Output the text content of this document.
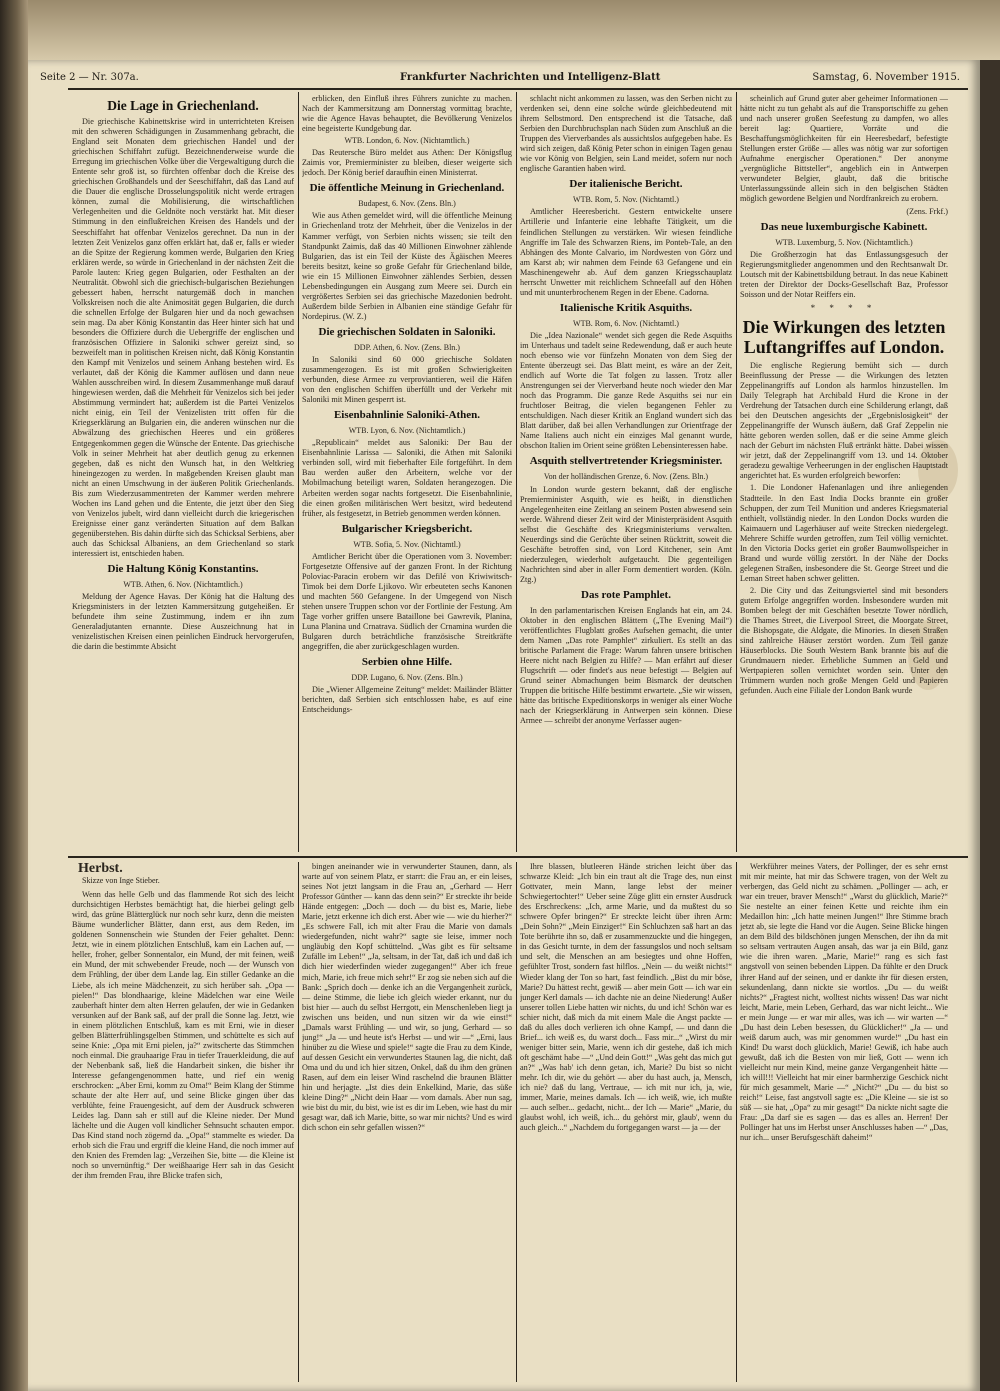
Seite 2 — Nr. 307a.	Frankfurter Nachrichten und Intelligenz-Blatt	Samstag, 6. November 1915.
Die Lage in Griechenland.

Die griechische Kabinettskrise wird in unterrichteten Kreisen mit den schweren Schädigungen in Zusammenhang gebracht, die England seit Monaten dem griechischen Handel und der griechischen Schiffahrt zufügt. Bezeichnenderweise wurde die Erregung im griechischen Volke über die Vergewaltigung durch die Entente sehr groß ist, so fürchten offenbar doch die Kreise des griechischen Großhandels und der Seeschiffahrt, daß das Land auf die Dauer die englische Drosselungspolitik nicht werde ertragen können, zumal die Mobilisierung, die wirtschaftlichen Verlegenheiten und die Geldnöte noch verstärkt hat. Mit dieser Stimmung in den einflußreichen Kreisen des Handels und der Seeschiffahrt hat offenbar Venizelos gerechnet. Da nun in der letzten Zeit Venizelos ganz offen erklärt hat, daß er, falls er wieder an die Spitze der Regierung kommen werde, Bulgarien den Krieg erklären werde, so würde in Griechenland in der nächsten Zeit die Parole lauten: Krieg gegen Bulgarien, oder Festhalten an der Neutralität. Obwohl sich die griechisch-bulgarischen Beziehungen gebessert haben, herrscht naturgemäß doch in manchen Volkskreisen noch die alte Animosität gegen Bulgarien, die durch die schnellen Erfolge der Bulgaren hier und da noch gewachsen sein mag. Da aber König Konstantin das Heer hinter sich hat und besonders die Offiziere durch die Uebergriffe der englischen und französischen Offiziere in Saloniki schwer gereizt sind, so bezweifelt man in politischen Kreisen nicht, daß König Konstantin den Kampf mit Venizelos und seinem Anhang bestehen wird. Es verlautet, daß der König die Kammer auflösen und dann neue Wahlen ausschreiben wird. In diesem Zusammenhange muß darauf hingewiesen werden, daß die Mehrheit für Venizelos sich bei jeder Abstimmung vermindert hat; außerdem ist die Partei Venizelos nicht einig, ein Teil der Venizelisten tritt offen für die Kriegserklärung an Bulgarien ein, die anderen wünschen nur die Abwälzung des griechischen Heeres und ein größeres Entgegenkommen gegen die Wünsche der Entente. Das griechische Volk in seiner Mehrheit hat aber deutlich genug zu erkennen gegeben, daß es nicht den Wunsch hat, in den Weltkrieg hineingezogen zu werden. In maßgebenden Kreisen glaubt man nicht an einen Umschwung in der äußeren Politik Griechenlands. Bis zum Wiederzusammentreten der Kammer werden mehrere Wochen ins Land gehen und die Entente, die jetzt über den Sieg von Venizelos jubelt, wird dann vielleicht durch die kriegerischen Ereignisse einer ganz veränderten Situation auf dem Balkan gegenüberstehen. Bis dahin dürfte sich das Schicksal Serbiens, aber auch das Schicksal Albaniens, an dem Griechenland so stark interessiert ist, entschieden haben.

Die Haltung König Konstantins.

WTB. Athen, 6. Nov. (Nichtamtlich.)

Meldung der Agence Havas. Der König hat die Haltung des Kriegsministers in der letzten Kammersitzung gutgeheißen. Er befundete ihm seine Zustimmung, indem er ihn zum Generaladjutanten ernannte. Diese Auszeichnung hat in venizelistischen Kreisen einen peinlichen Eindruck hervorgerufen, die darin die bestimmte Absicht

erblicken, den Einfluß ihres Führers zunichte zu machen. Nach der Kammersitzung am Donnerstag vormittag brachte, wie die Agence Havas behauptet, die Bevölkerung Venizelos eine begeisterte Kundgebung dar.

WTB. London, 6. Nov. (Nichtamtlich.)

Das Reutersche Büro meldet aus Athen: Der Königsflug Zaimis vor, Premierminister zu bleiben, dieser weigerte sich jedoch. Der König berief daraufhin einen Ministerrat.

Die öffentliche Meinung in Griechenland.

Budapest, 6. Nov. (Zens. Bln.)

Wie aus Athen gemeldet wird, will die öffentliche Meinung in Griechenland trotz der Mehrheit, über die Venizelos in der Kammer verfügt, von Serbien nichts wissen; sie teilt den Standpunkt Zaimis, daß das 40 Millionen Einwohner zählende Bulgarien, das ist ein Teil der Küste des Ägäischen Meeres bereits besitzt, keine so große Gefahr für Griechenland bilde, wie ein 15 Millionen Einwohner zählendes Serbien, dessen Lebensbedingungen ein Ausgang zum Meere sei. Durch ein vergrößertes Serbien sei das griechische Mazedonien bedroht. Außerdem bilde Serbien in Albanien eine ständige Gefahr für Nordepirus. (W. Z.)

Die griechischen Soldaten in Saloniki.

DDP. Athen, 6. Nov. (Zens. Bln.)

In Saloniki sind 60 000 griechische Soldaten zusammengezogen. Es ist mit großen Schwierigkeiten verbunden, diese Armee zu verproviantieren, weil die Häfen von den englischen Schiffen überfüllt und der Verkehr mit Saloniki mit Minen gesperrt ist.

Eisenbahnlinie Saloniki-Athen.

WTB. Lyon, 6. Nov. (Nichtamtlich.)

„Republicain“ meldet aus Saloniki: Der Bau der Eisenbahnlinie Larissa — Saloniki, die Athen mit Saloniki verbinden soll, wird mit fieberhafter Eile fortgeführt. In dem Bau werden außer den Arbeitern, welche vor der Mobilmachung beteiligt waren, Soldaten herangezogen. Die Arbeiten werden sogar nachts fortgesetzt. Die Eisenbahnlinie, die einen großen militärischen Wert besitzt, wird bedeutend früher, als festgesetzt, in Betrieb genommen werden können.

Bulgarischer Kriegsbericht.

WTB. Sofia, 5. Nov. (Nichtamtl.)

Amtlicher Bericht über die Operationen vom 3. November: Fortgesetzte Offensive auf der ganzen Front. In der Richtung Poloviac-Paracin erobern wir das Defilé von Kriwiwitsch-Timok bei dem Dorfe Ljikovo. Wir erbeuteten sechs Kanonen und machten 560 Gefangene. In der Umgegend von Nisch stehen unsere Truppen schon vor der Fortlinie der Festung. Am Tage vorher griffen unsere Bataillone bei Gawrevik, Planina, Luna Planina und Crnatrava. Südlich der Crnamina wurden die Bulgaren durch beträchtliche französische Streitkräfte angegriffen, die aber zurückgeschlagen wurden.

Serbien ohne Hilfe.

DDP. Lugano, 6. Nov. (Zens. Bln.)

Die „Wiener Allgemeine Zeitung“ meldet: Mailänder Blätter berichten, daß Serbien sich entschlossen habe, es auf eine Entscheidungs-

schlacht nicht ankommen zu lassen, was den Serben nicht zu verdenken sei, denn eine solche würde gleichbedeutend mit ihrem Selbstmord. Den entsprechend ist die Tatsache, daß Serbien den Durchbruchsplan nach Süden zum Anschluß an die Truppen des Vierverbandes als aussichtslos aufgegeben habe. Es wird sich zeigen, daß König Peter schon in einigen Tagen genau wie vor König von Belgien, sein Land meidet, sofern nur noch englische Garantien haben wird.

Der italienische Bericht.

WTB. Rom, 5. Nov. (Nichtamtl.)

Amtlicher Heeresbericht. Gestern entwickelte unsere Artillerie und Infanterie eine lebhafte Tätigkeit, um die feindlichen Stellungen zu verstärken. Wir wiesen feindliche Angriffe im Tale des Schwarzen Riens, im Ponteb‑Tale, an den Abhängen des Monte Calvario, im Nordwesten von Görz und am Karst ab; wir nahmen dem Feinde 63 Gefangene und ein Maschinengewehr ab. Auf dem ganzen Kriegsschauplatz herrscht Unwetter mit reichlichem Schneefall auf den Höhen und mit ununterbrochenem Regen in der Ebene. Cadorna.

Italienische Kritik Asquiths.

WTB. Rom, 6. Nov. (Nichtamtl.)

Die „Idea Nazionale“ wendet sich gegen die Rede Asquiths im Unterhaus und tadelt seine Redewendung, daß er auch heute noch ebenso wie vor fünfzehn Monaten von dem Sieg der Entente überzeugt sei. Das Blatt meint, es wäre an der Zeit, endlich auf Worte die Tat folgen zu lassen. Trotz aller Anstrengungen sei der Vierverband heute noch wieder den Mar noch das Programm. Die ganze Rede Asquiths sei nur ein fruchtloser Beitrag, die vielen begangenen Fehler zu entschuldigen. Nach dieser Kritik an England wundert sich das Blatt darüber, daß bei allen Verhandlungen zur Orientfrage der Name Italiens auch nicht ein einziges Mal genannt wurde, obschon Italien im Orient seine größten Lebensinteressen habe.

Asquith stellvertretender Kriegsminister.

Von der holländischen Grenze, 6. Nov. (Zens. Bln.)

In London wurde gestern bekannt, daß der englische Premierminister Asquith, wie es heißt, in dienstlichen Angelegenheiten eine Zeitlang an seinem Posten abwesend sein werde. Während dieser Zeit wird der Ministerpräsident Asquith selbst die Geschäfte des Kriegsministeriums verwalten. Neuerdings sind die Gerüchte über seinen Rücktritt, soweit die Geschäfte betroffen sind, von Lord Kitchener, sein Amt niederzulegen, wiederholt aufgetaucht. Die gegenteiligen Nachrichten sind aber in aller Form dementiert worden. (Köln. Ztg.)

Das rote Pamphlet.

In den parlamentarischen Kreisen Englands hat ein, am 24. Oktober in den englischen Blättern („The Evening Mail“) veröffentlichtes Flugblatt großes Aufsehen gemacht, die unter dem Namen „Das rote Pamphlet“ zirkuliert. Es stellt an das britische Parlament die Frage: Warum fahren unsere britischen Heere nicht nach Belgien zu Hilfe? — Man erfährt auf dieser Flugschrift — oder findet's aus neue befestigt — Belgien auf Grund seiner Abmachungen beim Bismarck der deutschen Truppen die britische Hilfe bestimmt erwartete. „Sie wir wissen, hätte das britische Expeditionskorps in weniger als einer Woche nach der Kriegserklärung in Antwerpen sein können. Diese Armee — schreibt der anonyme Verfasser augen-

scheinlich auf Grund guter aber geheimer Informationen — hätte nicht zu tun gehabt als auf die Transportschiffe zu gehen und nach unserer großen Seefestung zu dampfen, wo alles bereit lag: Quartiere, Vorräte und die Beschaffungsmöglichkeiten für ein Heeresbedarf, befestigte Stellungen erster Größe — alles was nötig war zur sofortigen Aufnahme energischer Operationen.“ Der anonyme „vergnügliche Bittsteller“, angeblich ein in Antwerpen verwundeter Belgier, glaubt, daß die britische Unterlassungssünde allein sich in den belgischen Städten möglich gewordene Belgien und Nordfrankreich zu erobern.

(Zens. Frkf.)

Das neue luxemburgische Kabinett.

WTB. Luxemburg, 5. Nov. (Nichtamtlich.)

Die Großherzogin hat das Entlassungsgesuch der Regierungsmitglieder angenommen und den Rechtsanwalt Dr. Loutsch mit der Kabinettsbildung betraut. In das neue Kabinett treten der Direktor der Docks-Gesellschaft Baz, Professor Soisson und der Notar Reiffers ein.

* * * *
Die Wirkungen des letzten Luftangriffes auf London.

Die englische Regierung bemüht sich — durch Beeinflussung der Presse — die Wirkungen des letzten Zeppelinangriffs auf London als harmlos hinzustellen. Im Daily Telegraph hat Archibald Hurd die Krone in der Verdrehung der Tatsachen durch eine Schilderung erlangt, daß bei den Deutschen angesichts der „Ergebnislosigkeit“ der Zeppelinangriffe der Wunsch äußern, daß Graf Zeppelin nie hätte geboren werden sollen, daß er die seine Amme gleich nach der Geburt im nächsten Fluß ertränkt hätte. Dabei wissen wir jetzt, daß der Zeppelinangriff vom 13. und 14. Oktober geradezu gewaltige Verheerungen in der englischen Hauptstadt angerichtet hat. Es wurden erfolgreich beworfen:

1. Die Londoner Hafenanlagen und ihre anliegenden Stadtteile. In den East India Docks brannte ein großer Schuppen, der zum Teil Munition und anderes Kriegsmaterial enthielt, vollständig nieder. In den London Docks wurden die Kaimauern und Lagerhäuser auf weite Strecken niedergelegt. Mehrere Schiffe wurden getroffen, zum Teil völlig vernichtet. In den Victoria Docks geriet ein großer Baumwollspeicher in Brand und wurde völlig zerstört. In der Nähe der Docks gelegenen Straßen, insbesondere die St. George Street und die Leman Street haben schwer gelitten.

2. Die City und das Zeitungsviertel sind mit besonders gutem Erfolge angegriffen worden. Insbesondere wurden mit Bomben belegt der mit Geschäften besetzte Tower nördlich, die Thames Street, die Liverpool Street, die Moorgate Street, die Bishopsgate, die Aldgate, die Minories. In diesen Straßen sind zahlreiche Häuser zerstört worden. Zum Teil ganze Häuserblocks. Die South Western Bank brannte bis auf die Grundmauern nieder. Erhebliche Summen an Geld und Wertpapieren sollen vernichtet worden sein. Unter den Trümmern wurden noch große Mengen Geld und Papieren gefunden. Auch eine Filiale der London Bank wurde

Herbst.
Skizze von Inge Stieber.

Wenn das helle Gelb und das flammende Rot sich des leicht durchsichtigen Herbstes bemächtigt hat, die hierbei gelingt gelb wird, das grüne Blätterglück nur noch sehr kurz, denn die meisten Bäume wunderlicher Blätter, dann erst, aus dem Reden, im goldenen Sonnenschein wie Stunden der Feier gehaltet. Denn: Jetzt, wie in einem plötzlichen Entschluß, kam ein Lachen auf, — heller, froher, gelber Sonnentalor, ein Mund, der mit feinen, weiß ein Mund, der mit schwebender Freude, noch — der Wunsch von dem Frühling, der über dem Lande lag. Ein stiller Gedanke an die Liebe, als ich meine Mädchenzeit, zu sich herüber sah. „Opa — pielen!“ Das blondhaarige, kleine Mädelchen war eine Weile zauberhaft hinter dem alten Herren gelaufen, der wie in Gedanken versunken auf der Bank saß, auf der prall die Sonne lag. Jetzt, wie in einem plötzlichen Entschluß, kam es mit Erni, wie in dieser gelben Blätterfrühlingsgelben Stimmen, und schüttelte es sich auf seine Knie: „Opa mit Erni pielen, ja?“ zwitscherte das Stimmchen noch einmal. Die grauhaarige Frau in tiefer Trauerkleidung, die auf der Nebenbank saß, ließ die Handarbeit sinken, die bisher ihr Interesse gefangengenommen hatte, und rief ein wenig erschrocken: „Aber Erni, komm zu Oma!“ Beim Klang der Stimme schaute der alte Herr auf, und seine Blicke gingen über das verblühte, feine Frauengesicht, auf dem der Ausdruck schweren Leides lag. Dann sah er still auf die Kleine nieder. Der Mund lächelte und die Augen voll kindlicher Sehnsucht schauten empor. Das Kind stand noch zögernd da. „Opa!“ stammelte es wieder. Da erhob sich die Frau und ergriff die kleine Hand, die noch immer auf den Knien des Fremden lag: „Verzeihen Sie, bitte — die Kleine ist noch so unvernünftig.“ Der weißhaarige Herr sah in das Gesicht der ihm fremden Frau, ihre Blicke trafen sich,

bingen aneinander wie in verwunderter Staunen, dann, als warte auf von seinem Platz, er starrt: die Frau an, er ein leises, seines Not jetzt langsam in die Frau an, „Gerhard — Herr Professor Günther — kann das denn sein?“ Er streckte ihr beide Hände entgegen: „Doch — doch — du bist es, Marie, liebe Marie, jetzt erkenne ich dich erst. Aber wie — wie du hierher?“ „Es schwere Fall, ich mit alter Frau die Marie von damals wiedergefunden, nicht wahr?“ sagte sie leise, immer noch ungläubig den Kopf schüttelnd. „Was gibt es für seltsame Zufälle im Leben!“ „Ja, seltsam, in der Tat, daß ich und daß ich dich hier wiederfinden wieder zugegangen!“ Aber ich freue mich, Marie, ich freue mich sehr!“ Er zog sie neben sich auf die Bank: „Sprich doch — denke ich an die Vergangenheit zurück, — deine Stimme, die liebe ich gleich wieder erkannt, nur du bist hier — auch du selbst Herrgott, ein Menschenleben liegt ja zwischen uns beiden, und nun sitzen wir da wie einst!“ „Damals warst Frühling — und wir, so jung, Gerhard — so jung!“ „Ja — und heute ist's Herbst — und wir —“ „Erni, laus hinüber zu die Wiese und spiele!“ sagte die Frau zu dem Kinde, auf dessen Gesicht ein verwundertes Staunen lag, die nicht, daß Oma und du und ich hier sitzen, Onkel, daß du ihm den grünen Rasen, auf dem ein leiser Wind raschelnd die braunen Blätter hin und herjagte. „Ist dies dein Enkelkind, Marie, das süße kleine Ding?“ „Nicht dein Haar — vom damals. Aber nun sag, wie bist du mir, du bist, wie ist es dir im Leben, wie hast du mir gesagt war, daß ich Marie, bitte, so war mir nichts? Und es wird dich schon ein sehr gefallen wissen?“

Ihre blassen, blutleeren Hände strichen leicht über das schwarze Kleid: „Ich bin ein traut alt die Trage des, nun einst Gottvater, mein Mann, lange lebst der meiner Schwiegertochter!“ Ueber seine Züge glitt ein ernster Ausdruck des Erschreckens: „Ich, arme Marie, und da mußtest du so schwere Opfer bringen?“ Er streckte leicht über ihren Arm: „Dein Sohn?“ „Mein Einziger!“ Ein Schluchzen saß hart an das Tote berührte ihn so, daß er zusammenzuckte und die hingegen, in das Gesicht turnte, in dem der fassungslos und noch seltsam und selt, die Menschen an am besiegtes und ohne Hoffen, gefühlter Trost, sondern fast hilflos. „Nein — du weißt nichts!“ Wieder klang der Ton so hart, fast feindlich. „Bist du mir böse, Marie? Du hättest recht, gewiß — aber mein Gott — ich war ein junger Kerl damals — ich dachte nie an deine Niederung! Außer unserer tollen Liebe hatten wir nichts, du und ich! Schön war es schier nicht, daß mich da mit einem Male die Angst packte — daß du alles doch verlieren ich ohne Kampf, — und dann die Brief... ich weiß es, du warst doch... Fass mir...“ „Wirst du mir weniger bitter sein, Marie, wenn ich dir gestehe, daß ich mich oft geschämt habe —“ „Und dein Gott!“ „Was geht das mich gut an?“ „Was hab' ich denn getan, ich, Marie? Du bist so nicht mehr. Ich dir, wie du gehört — aber du hast auch, ja, Mensch, ich nie? daß du lang, Vertraue, — ich mit nur ich, ja, wie, immer, Marie, meines damals. Ich — ich weiß, wie, ich mußte — auch selber... gedacht, nicht... der Ich — Marie“ „Marie, du glaubst wohl, ich weiß, ich... du gehörst mir, glaub', wenn du auch gleich...“ „Nachdem du fortgegangen warst — ja — der

Werkführer meines Vaters, der Pollinger, der es sehr ernst mit mir meinte, hat mir das Schwere tragen, von der Welt zu verbergen, das Geld nicht zu schämen. „Pollinger — ach, er war ein treuer, braver Mensch!“ „Warst du glücklich, Marie?“ Sie nestelte an einer feinen Kette und reichte ihm ein Medaillon hin: „Ich hatte meinen Jungen!“ Ihre Stimme brach jetzt ab, sie legte die Hand vor die Augen. Seine Blicke hingen an dem Bild des bildschönen jungen Menschen, der ihn da mit so seltsam vertrauten Augen ansah, das war ja ein Bild, ganz wie die ihren waren. „Marie, Marie!“ rang es sich fast angstvoll von seinen bebenden Lippen. Da fühlte er den Druck ihrer Hand auf der seinen, und er dankte ihr für diesen ersten, sekundenlang, dann nickte sie wortlos. „Du — du weißt nichts?“ „Fragtest nicht, wolltest nichts wissen! Das war nicht leicht, Marie, mein Leben, Gerhard, das war nicht leicht... Wie er mein Junge — er war mir alles, was ich — wir warten —“ „Du hast dein Leben besessen, du Glücklicher!“ „Ja — und weiß darum auch, was mir genommen wurde!“ „Du hast ein Kind! Du warst doch glücklich, Marie! Gewiß, ich habe auch gewußt, daß ich die Besten von mir ließ, Gott — wenn ich vielleicht nur mein Kind, meine ganze Vergangenheit hätte — ich will!!! Vielleicht hat mir einer barmherzige Geschick nicht für mich gesammelt, Marie —“ „Nicht?“ „Du — du bist so reich!“ Leise, fast angstvoll sagte es: „Die Kleine — sie ist so süß — sie hat, „Opa“ zu mir gesagt!“ Da nickte nicht sagte die Frau: „Da darf sie es sagen — das es alles an. Herren! Der Pollinger hat uns im Herbst unser Anschlusses haben —“ „Das, nur ich... unser Berufsgeschäft daheim!“
